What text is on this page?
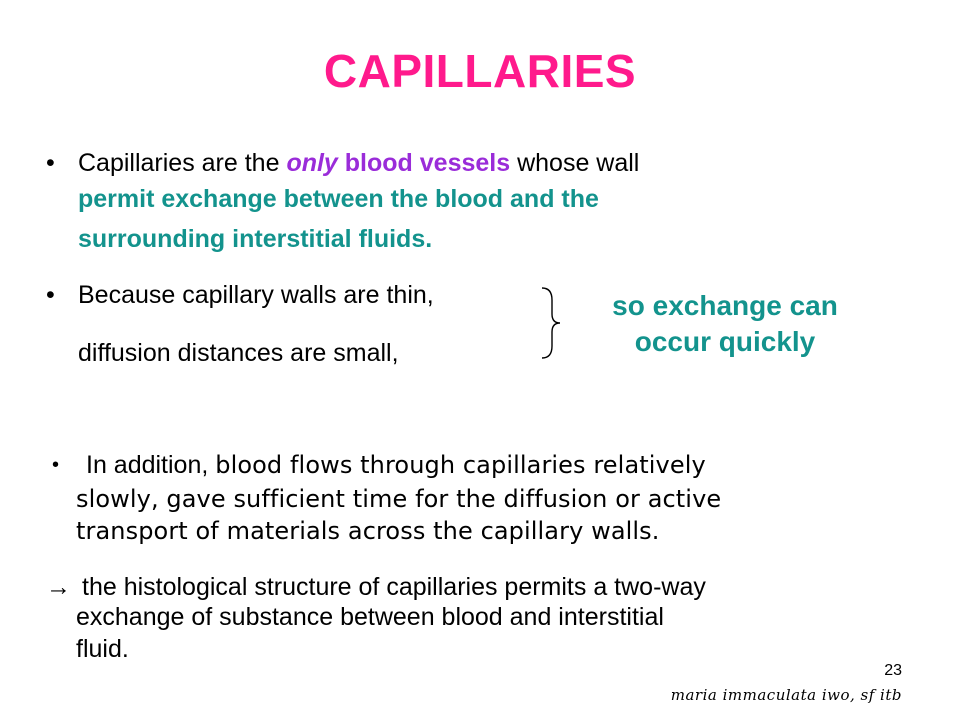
CAPILLARIES
• Capillaries are the only blood vessels whose wall
permit exchange between the blood and the
surrounding interstitial fluids.
• Because capillary walls are thin,
diffusion distances are small,
so exchange can
occur quickly
• In addition, blood flows through capillaries relatively
slowly, gave sufficient time for the diffusion or active
transport of materials across the capillary walls.
→ the histological structure of capillaries permits a two-way
exchange of substance between blood and interstitial
fluid.
23
maria immaculata iwo, sf itb
